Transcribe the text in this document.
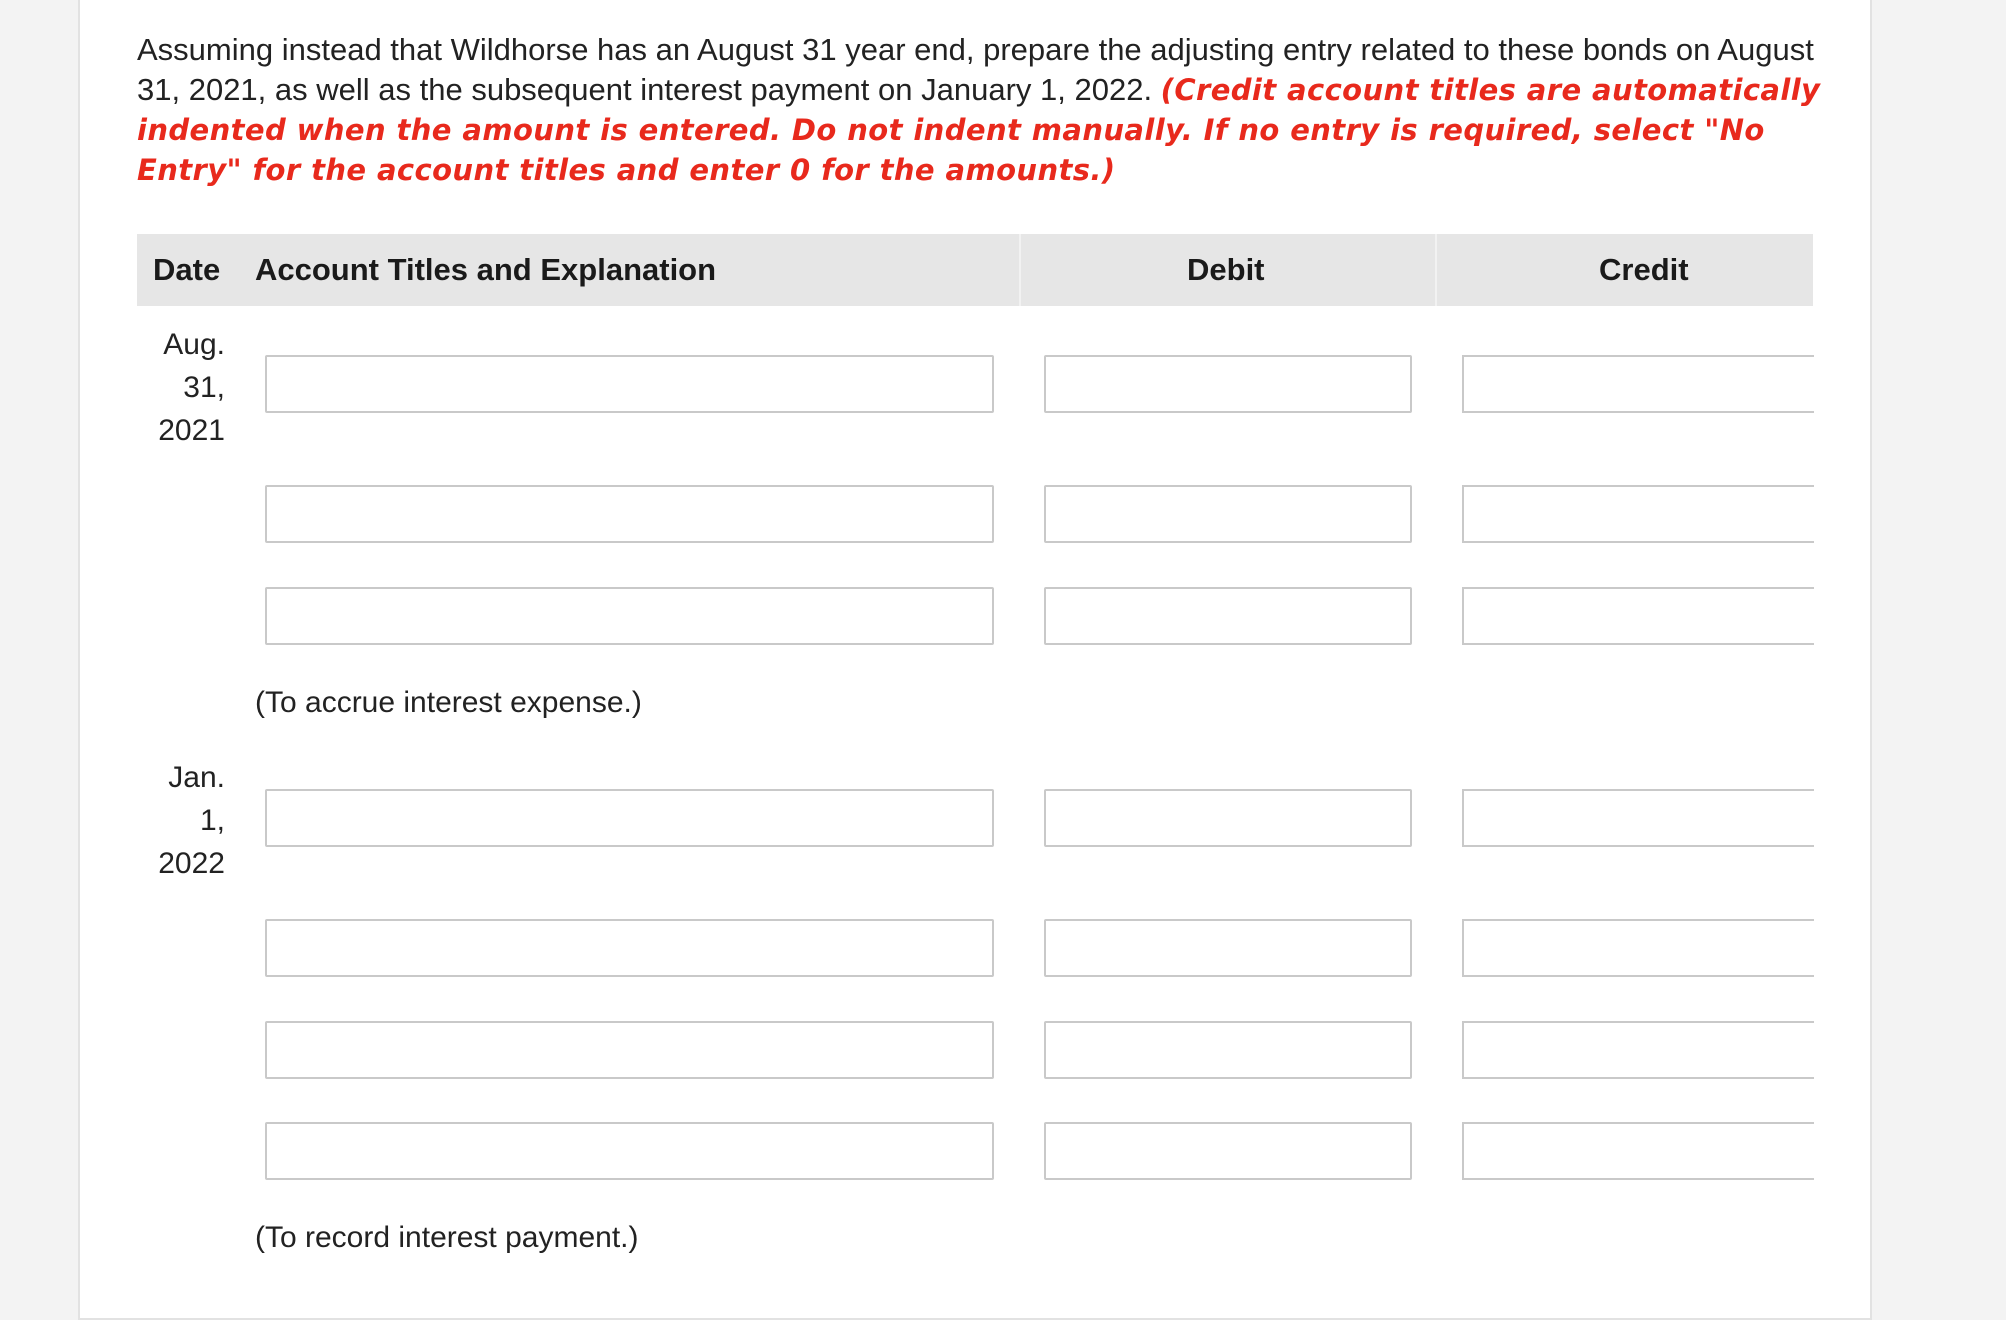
Assuming instead that Wildhorse has an August 31 year end, prepare the adjusting entry related to these bonds on August 31, 2021, as well as the subsequent interest payment on January 1, 2022. (Credit account titles are automatically indented when the amount is entered. Do not indent manually. If no entry is required, select "No Entry" for the account titles and enter 0 for the amounts.)
Date Account Titles and Explanation	Debit	Credit
Aug.
31,
2021
(To accrue interest expense.)
Jan.
1,
2022
(To record interest payment.)
